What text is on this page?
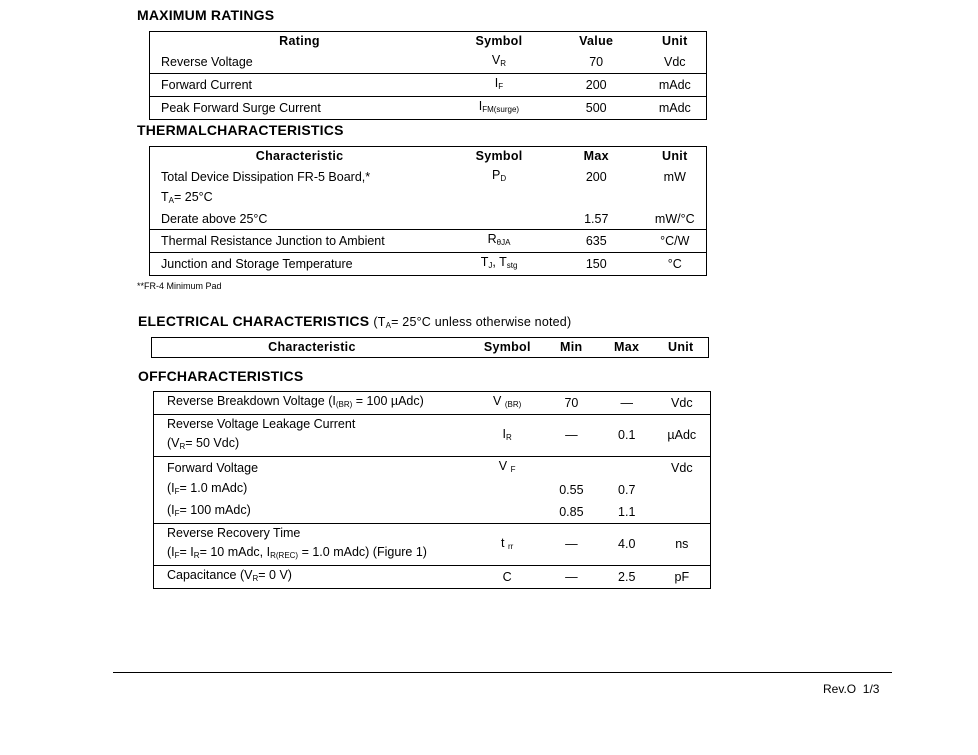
MAXIMUM RATINGS
Rating	Symbol	Value	Unit
Reverse Voltage	$V_R$	70	Vdc
Forward Current	$I_F$	200	mAdc
Peak Forward Surge Current	$I_{FM(surge)}$	500	mAdc
THERMALCHARACTERISTICS
Characteristic	Symbol	Max	Unit
Total Device Dissipation FR-5 Board,*	$P_D$	200	mW
$T_A= 25^\circ C$			
Derate above 25°C		1.57	mW/°C
Thermal Resistance Junction to Ambient	$R_{\theta JA}$	635	°C/W
Junction and Storage Temperature	$T_J$, $T_{stg}$	150	°C
**FR-4 Minimum Pad
ELECTRICAL CHARACTERISTICS ($T_A= 25^\circ C$ unless otherwise noted)
Characteristic	Symbol	Min	Max	Unit
OFFCHARACTERISTICS
Reverse Breakdown Voltage ($I_{(BR)} = 100$ µAdc)	V $_{(BR)}$	70	—	Vdc
Reverse Voltage Leakage Current	$I_R$	—	0.1	µAdc
($V_R= 50$ Vdc)				
Forward Voltage	V $_F$			Vdc
($I_F= 1.0$ mAdc)		0.55	0.7	
($I_F= 100$ mAdc)		0.85	1.1	
Reverse Recovery Time	t $_{rr}$	—	4.0	ns
($I_F= I_R= 10$ mAdc, $I_{R(REC)} = 1.0$ mAdc) (Figure 1)				
Capacitance ($V_R= 0$ V)	C	—	2.5	pF
Rev.O 1/3
